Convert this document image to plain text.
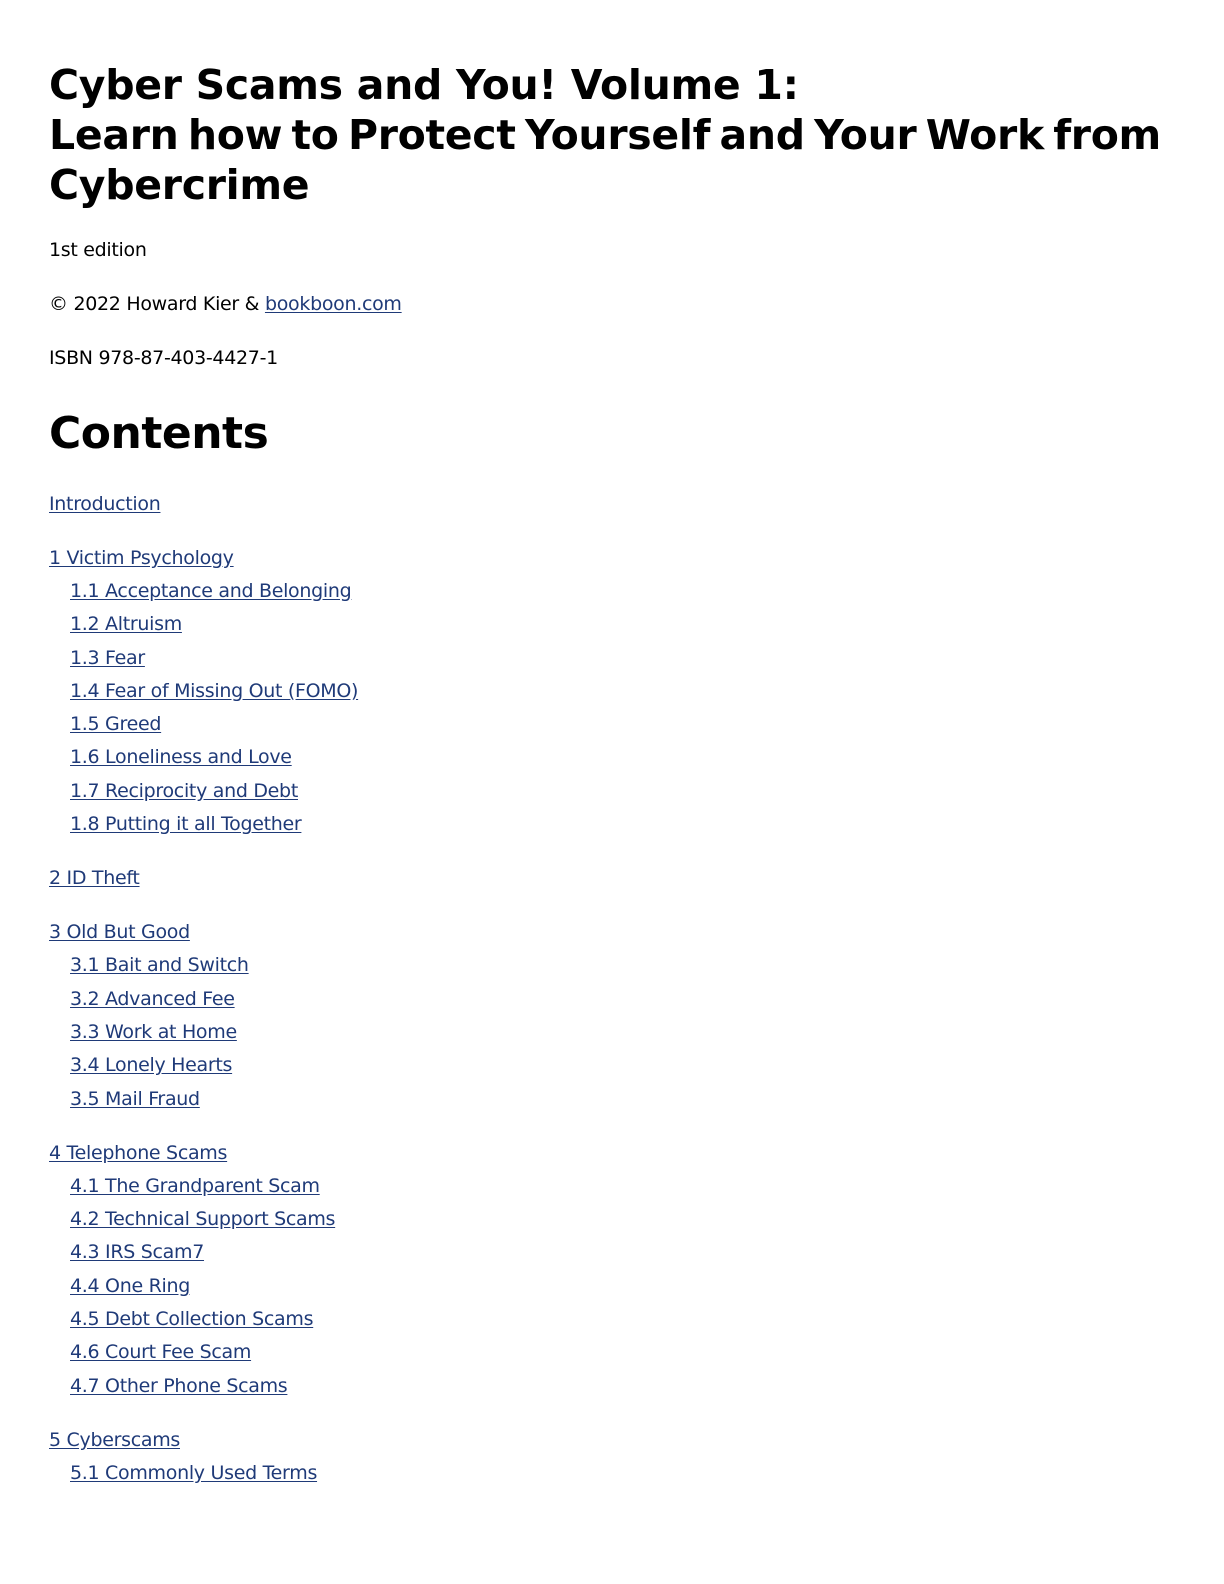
Cyber Scams and You! Volume 1:
Learn how to Protect Yourself and Your Work from
Cybercrime

1st edition

© 2022 Howard Kier & bookboon.com

ISBN 978-87-403-4427-1

Contents
Introduction
1 Victim Psychology
1.1 Acceptance and Belonging
1.2 Altruism
1.3 Fear
1.4 Fear of Missing Out (FOMO)
1.5 Greed
1.6 Loneliness and Love
1.7 Reciprocity and Debt
1.8 Putting it all Together
2 ID Theft
3 Old But Good
3.1 Bait and Switch
3.2 Advanced Fee
3.3 Work at Home
3.4 Lonely Hearts
3.5 Mail Fraud
4 Telephone Scams
4.1 The Grandparent Scam
4.2 Technical Support Scams
4.3 IRS Scam7
4.4 One Ring
4.5 Debt Collection Scams
4.6 Court Fee Scam
4.7 Other Phone Scams
5 Cyberscams
5.1 Commonly Used Terms
